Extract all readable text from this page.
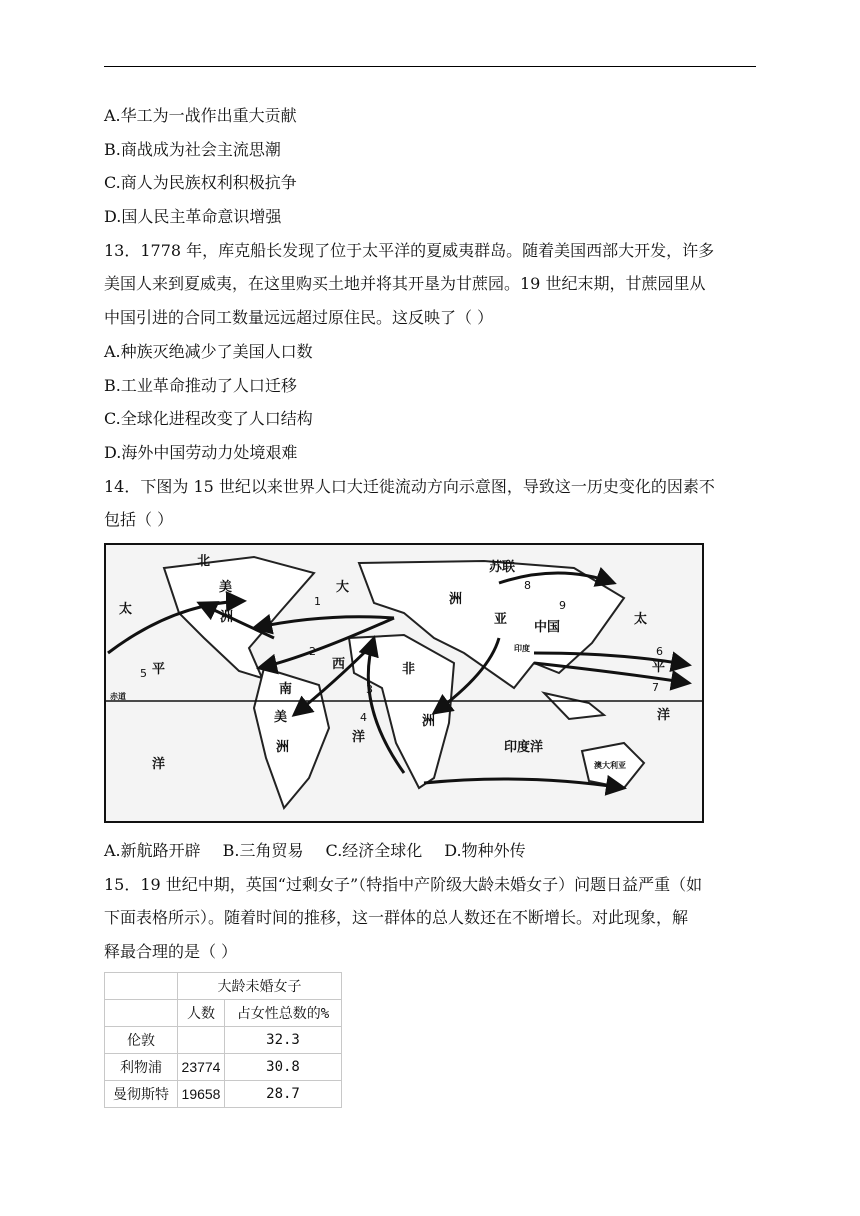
A.华工为一战作出重大贡献
B.商战成为社会主流思潮
C.商人为民族权利积极抗争
D.国人民主革命意识增强
13．1778 年，库克船长发现了位于太平洋的夏威夷群岛。随着美国西部大开发，许多
美国人来到夏威夷，在这里购买土地并将其开垦为甘蔗园。19 世纪末期，甘蔗园里从
中国引进的合同工数量远远超过原住民。这反映了（ ）
A.种族灭绝减少了美国人口数
B.工业革命推动了人口迁移
C.全球化进程改变了人口结构
D.海外中国劳动力处境艰难
14．下图为 15 世纪以来世界人口大迁徙流动方向示意图，导致这一历史变化的因素不
包括（ ）
北
美
洲
太
平
洋
大
西
洋
苏联
亚
洲
中国
太
平
洋
非
洲
南
美
洲	印度洋
澳大利亚
赤道
印度
1
2
3
4
5
6
7
8
9
A.新航路开辟 B.三角贸易 C.经济全球化 D.物种外传
15．19 世纪中期，英国“过剩女子”（特指中产阶级大龄未婚女子）问题日益严重（如
下面表格所示）。随着时间的推移，这一群体的总人数还在不断增长。对此现象，解
释最合理的是（ ）
	大龄未婚女子	
	人数	占女性总数的%
伦敦		32.3
利物浦	23774	30.8
曼彻斯特	19658	28.7
